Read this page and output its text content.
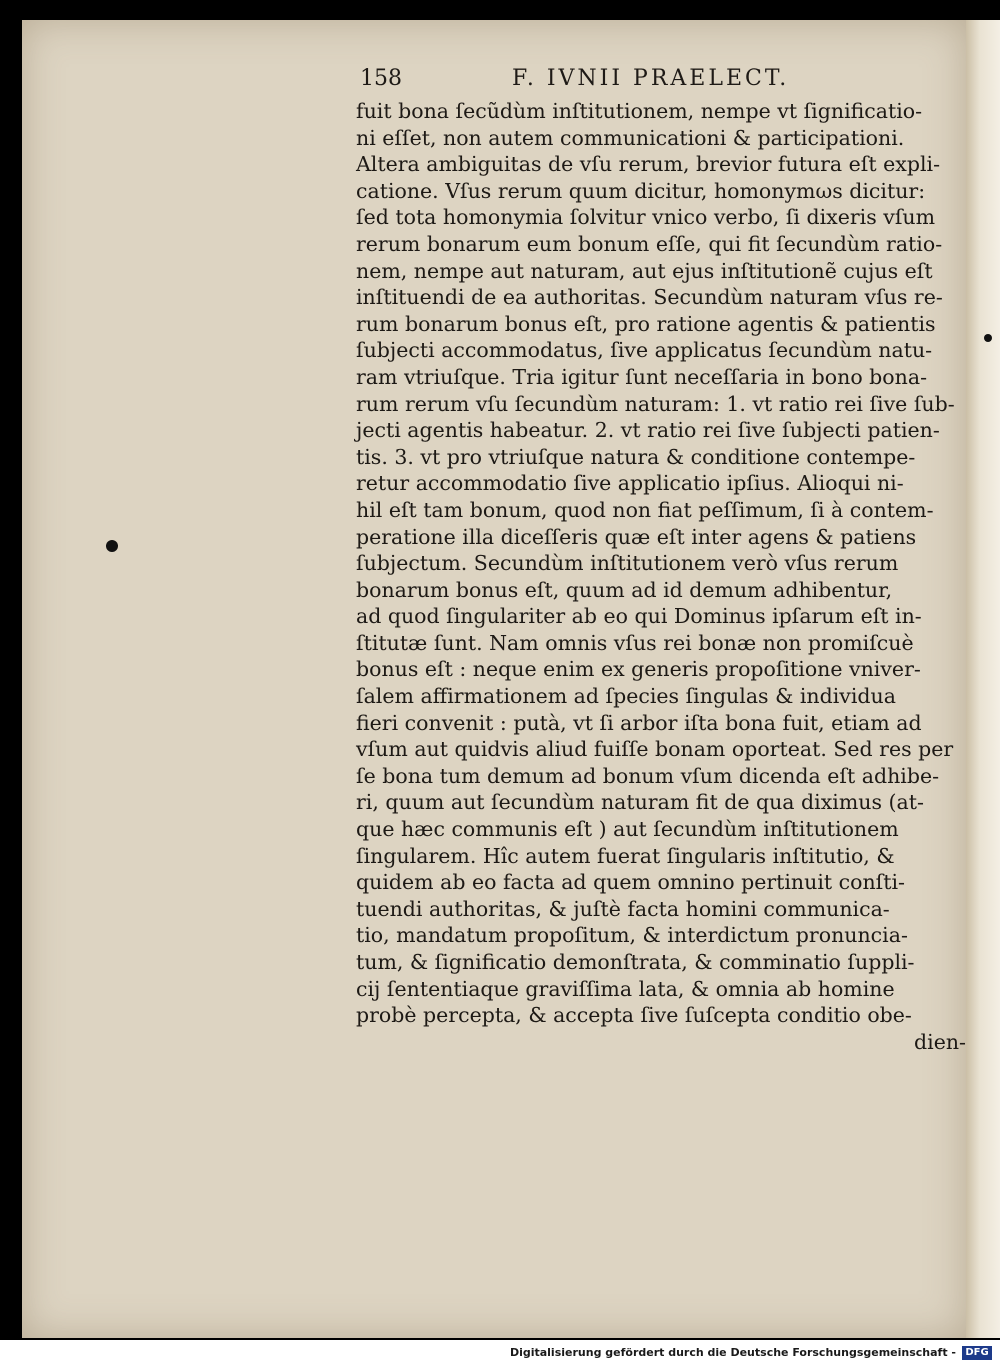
158	F. IVNII PRAELECT.
fuit bona ſecũdùm inſtitutionem, nempe vt ſignificatio-
ni eſſet, non autem communicationi & participationi.
Altera ambiguitas de vſu rerum, brevior futura eſt expli-
catione. Vſus rerum quum dicitur, homonymωs dicitur:
ſed tota homonymia ſolvitur vnico verbo, ſi dixeris vſum
rerum bonarum eum bonum eſſe, qui fit ſecundùm ratio-
nem, nempe aut naturam, aut ejus inſtitutionẽ cujus eſt
inſtituendi de ea authoritas. Secundùm naturam vſus re-
rum bonarum bonus eſt, pro ratione agentis & patientis
ſubjecti accommodatus, ſive applicatus ſecundùm natu-
ram vtriuſque. Tria igitur ſunt neceſſaria in bono bona-
rum rerum vſu ſecundùm naturam: 1. vt ratio rei ſive ſub-
jecti agentis habeatur. 2. vt ratio rei ſive ſubjecti patien-
tis. 3. vt pro vtriuſque natura & conditione contempe-
retur accommodatio ſive applicatio ipſius. Alioqui ni-
hil eſt tam bonum, quod non fiat peſſimum, ſi à contem-
peratione illa diceſſeris quæ eſt inter agens & patiens
ſubjectum. Secundùm inſtitutionem verò vſus rerum
bonarum bonus eſt, quum ad id demum adhibentur,
ad quod ſingulariter ab eo qui Dominus ipſarum eſt in-
ſtitutæ ſunt. Nam omnis vſus rei bonæ non promiſcuè
bonus eſt : neque enim ex generis propoſitione vniver-
ſalem affirmationem ad ſpecies ſingulas & individua
fieri convenit : putà, vt ſi arbor iſta bona fuit, etiam ad
vſum aut quidvis aliud fuiſſe bonam oporteat. Sed res per
ſe bona tum demum ad bonum vſum dicenda eſt adhibe-
ri, quum aut ſecundùm naturam fit de qua diximus (at-
que hæc communis eſt ) aut ſecundùm inſtitutionem
ſingularem. Hîc autem fuerat ſingularis inſtitutio, &
quidem ab eo facta ad quem omnino pertinuit conſti-
tuendi authoritas, & juſtè facta homini communica-
tio, mandatum propoſitum, & interdictum pronuncia-
tum, & ſignificatio demonſtrata, & comminatio ſuppli-
cij ſententiaque graviſſima lata, & omnia ab homine
probè percepta, & accepta ſive ſuſcepta conditio obe-
dien-
Digitalisierung gefördert durch die Deutsche Forschungsgemeinschaft - DFG
